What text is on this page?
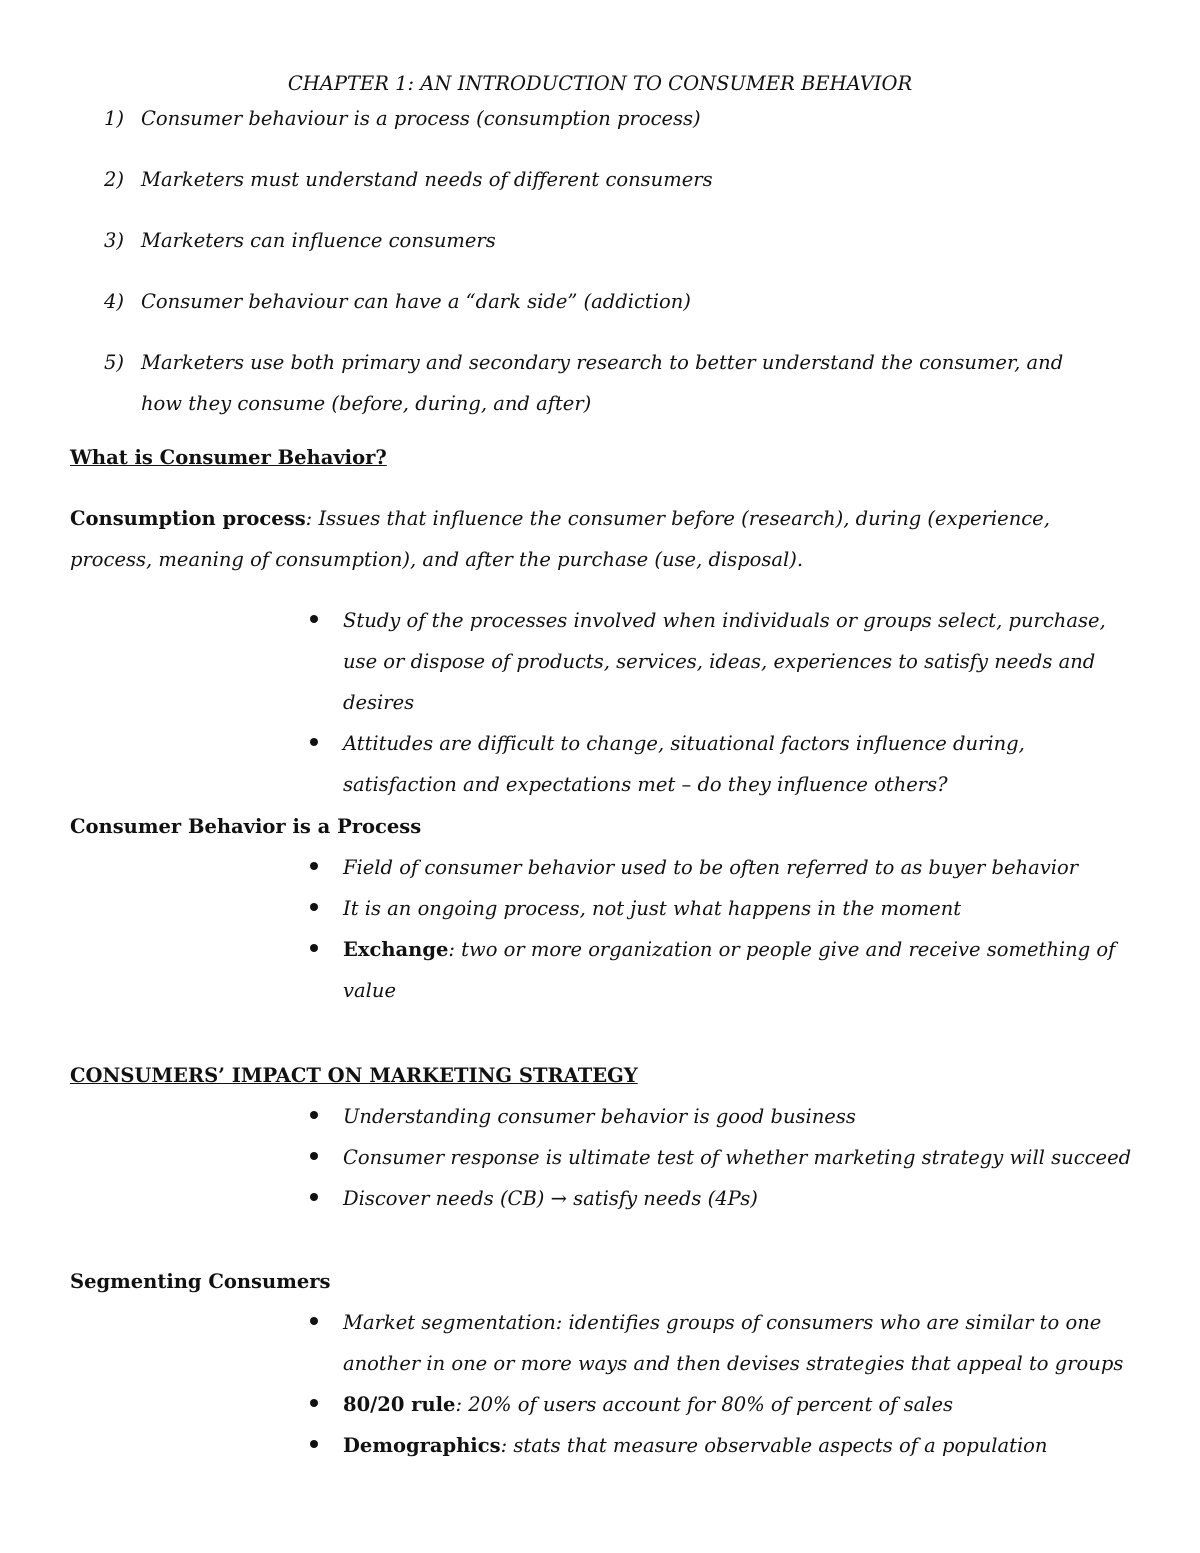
CHAPTER 1: AN INTRODUCTION TO CONSUMER BEHAVIOR
1) Consumer behaviour is a process (consumption process)
2) Marketers must understand needs of different consumers
3) Marketers can influence consumers
4) Consumer behaviour can have a “dark side” (addiction)
5) Marketers use both primary and secondary research to better understand the consumer, and how they consume (before, during, and after)
What is Consumer Behavior?

Consumption process: Issues that influence the consumer before (research), during (experience, process, meaning of consumption), and after the purchase (use, disposal).

Study of the processes involved when individuals or groups select, purchase, use or dispose of products, services, ideas, experiences to satisfy needs and desires
Attitudes are difficult to change, situational factors influence during, satisfaction and expectations met – do they influence others?
Consumer Behavior is a Process
Field of consumer behavior used to be often referred to as buyer behavior
It is an ongoing process, not just what happens in the moment
Exchange: two or more organization or people give and receive something of value
CONSUMERS’ IMPACT ON MARKETING STRATEGY
Understanding consumer behavior is good business
Consumer response is ultimate test of whether marketing strategy will succeed
Discover needs (CB) → satisfy needs (4Ps)
Segmenting Consumers
Market segmentation: identifies groups of consumers who are similar to one another in one or more ways and then devises strategies that appeal to groups
80/20 rule: 20% of users account for 80% of percent of sales
Demographics: stats that measure observable aspects of a population
